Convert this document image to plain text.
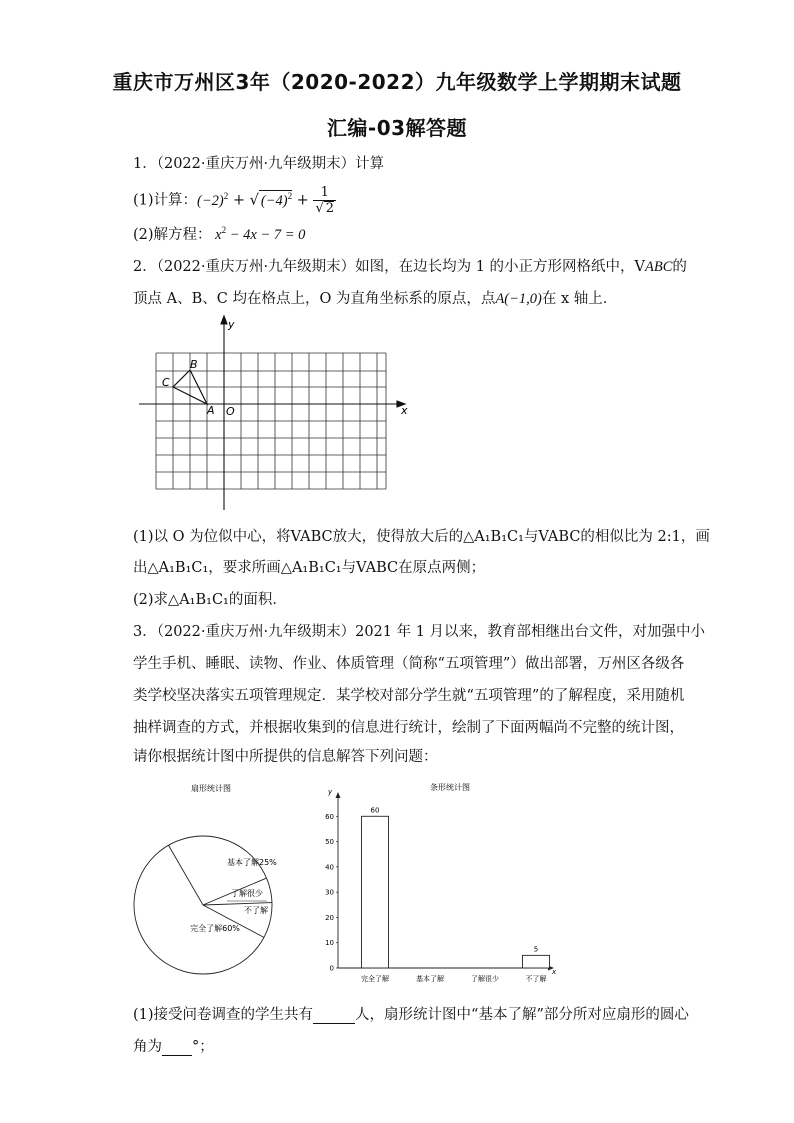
重庆市万州区3年（2020-2022）九年级数学上学期期末试题
汇编-03解答题
1．（2022·重庆万州·九年级期末）计算
(1)计算：$(-2)^2$ + √ $(-4)^2 + \frac{1}{√ 2}$
(2)解方程： $x^2 - 4x - 7 = 0$
2．（2022·重庆万州·九年级期末）如图，在边长均为 1 的小正方形网格纸中，VABC的
顶点 A、B、C 均在格点上，O 为直角坐标系的原点，点A(−1,0)在 x 轴上．
y
x
A
B
C
O
(1)以 O 为位似中心，将VABC放大，使得放大后的△A₁B₁C₁与VABC的相似比为 2:1，画
出△A₁B₁C₁，要求所画△A₁B₁C₁与VABC在原点两侧；
(2)求△A₁B₁C₁的面积．
3．（2022·重庆万州·九年级期末）2021 年 1 月以来，教育部相继出台文件，对加强中小
学生手机、睡眠、读物、作业、体质管理（简称“五项管理”）做出部署，万州区各级各
类学校坚决落实五项管理规定．某学校对部分学生就“五项管理”的了解程度，采用随机
抽样调查的方式，并根据收集到的信息进行统计，绘制了下面两幅尚不完整的统计图，
请你根据统计图中所提供的信息解答下列问题：
扇形统计图
完全了解60%
基本了解25%
了解很少
不了解
条形统计图
y
x
0
10
20
30
40
50
60
60
5
完全了解	基本了解	了解很少	不了解
(1)接受问卷调查的学生共有	人，扇形统计图中“基本了解”部分所对应扇形的圆心
角为 °；
